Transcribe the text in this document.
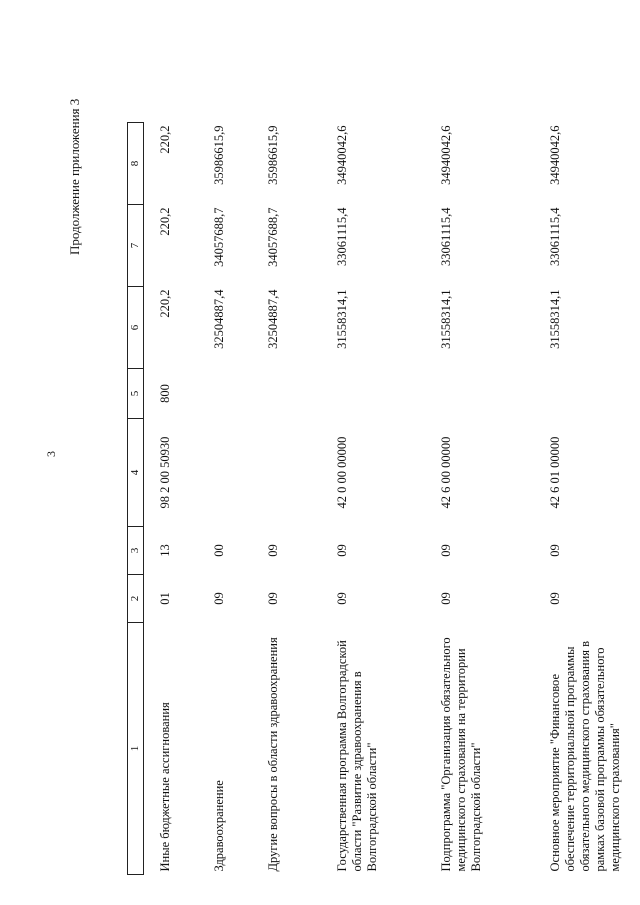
3
Продолжение приложения 3
1	2	3	4	5	6	7	8
Иные бюджетные ассигнования	01	13	98 2 00 50930	800	220,2	220,2	220,2
Здравоохранение	09	00			32504887,4	34057688,7	35986615,9
Другие вопросы в области здравоохранения	09	09			32504887,4	34057688,7	35986615,9
Государственная программа Волгоградской области "Развитие здравоохранения в Волгоградской области"	09	09	42 0 00 00000		31558314,1	33061115,4	34940042,6
Подпрограмма "Организация обязательного медицинского страхования на территории Волгоградской области"	09	09	42 6 00 00000		31558314,1	33061115,4	34940042,6
Основное мероприятие "Финансовое обеспечение территориальной программы обязательного медицинского страхования в рамках базовой программы обязательного медицинского страхования"	09	09	42 6 01 00000		31558314,1	33061115,4	34940042,6
